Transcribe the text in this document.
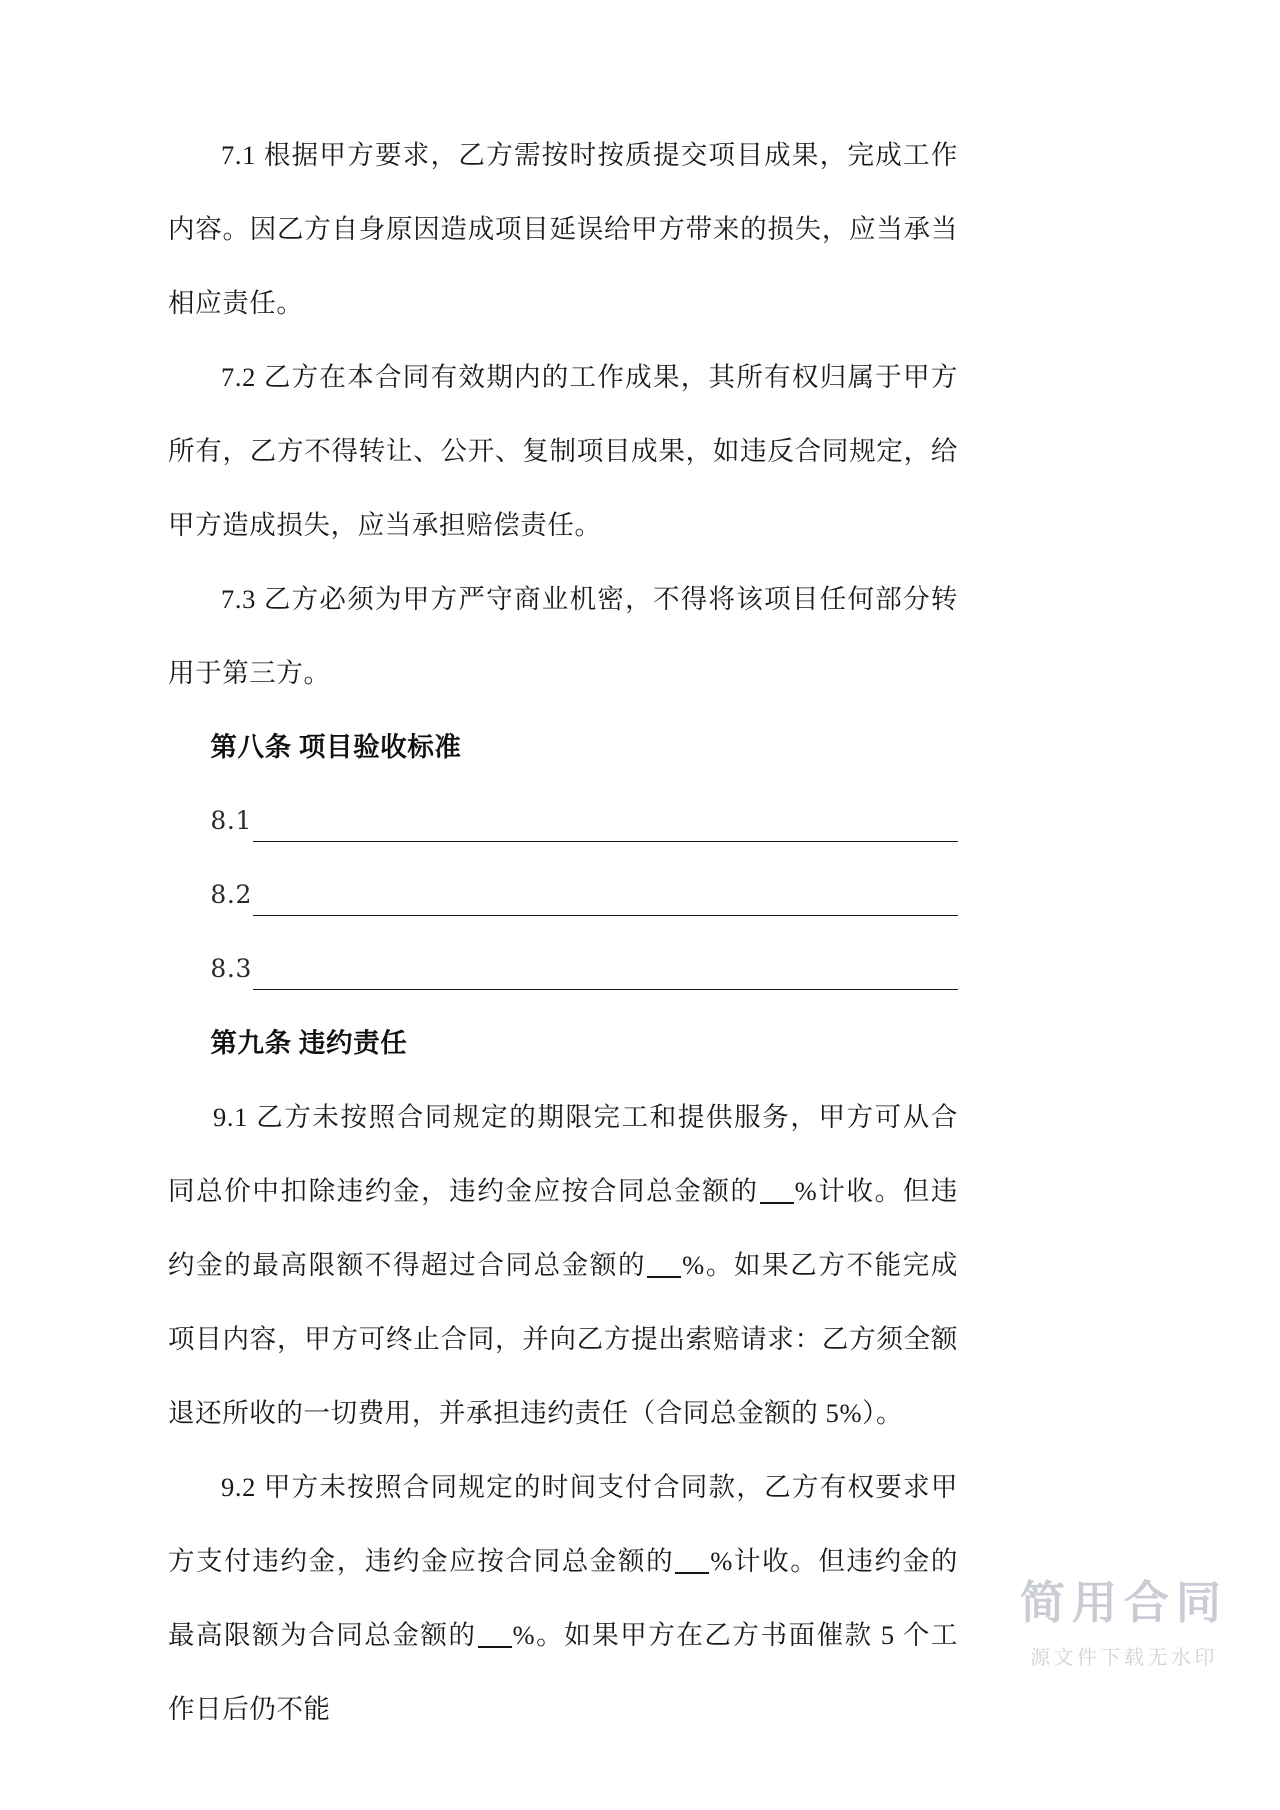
7.1 根据甲方要求，乙方需按时按质提交项目成果，完成工作内容。因乙方自身原因造成项目延误给甲方带来的损失，应当承当相应责任。

7.2 乙方在本合同有效期内的工作成果，其所有权归属于甲方所有，乙方不得转让、公开、复制项目成果，如违反合同规定，给甲方造成损失，应当承担赔偿责任。

7.3 乙方必须为甲方严守商业机密，不得将该项目任何部分转用于第三方。

第八条 项目验收标准

8.1
8.2
8.3

第九条 违约责任

9.1 乙方未按照合同规定的期限完工和提供服务，甲方可从合同总价中扣除违约金，违约金应按合同总金额的 %计收。但违约金的最高限额不得超过合同总金额的 %。如果乙方不能完成项目内容，甲方可终止合同，并向乙方提出索赔请求：乙方须全额退还所收的一切费用，并承担违约责任（合同总金额的 5%）。

9.2 甲方未按照合同规定的时间支付合同款，乙方有权要求甲方支付违约金，违约金应按合同总金额的 %计收。但违约金的最高限额为合同总金额的 %。如果甲方在乙方书面催款 5 个工作日后仍不能

简用合同
源文件下载无水印
